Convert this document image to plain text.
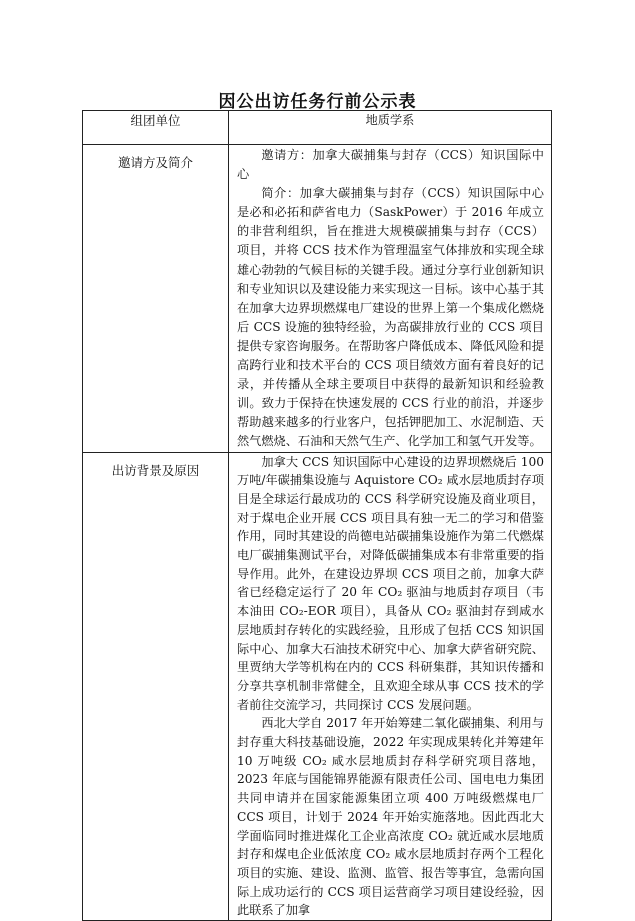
因公出访任务行前公示表
组团单位	地质学系

邀请方及简介	邀请方：加拿大碳捕集与封存（CCS）知识国际中心

简介：加拿大碳捕集与封存（CCS）知识国际中心是必和必拓和萨省电力（SaskPower）于 2016 年成立的非营利组织，旨在推进大规模碳捕集与封存（CCS）项目，并将 CCS 技术作为管理温室气体排放和实现全球雄心勃勃的气候目标的关键手段。通过分享行业创新知识和专业知识以及建设能力来实现这一目标。该中心基于其在加拿大边界坝燃煤电厂建设的世界上第一个集成化燃烧后 CCS 设施的独特经验，为高碳排放行业的 CCS 项目提供专家咨询服务。在帮助客户降低成本、降低风险和提高跨行业和技术平台的 CCS 项目绩效方面有着良好的记录，并传播从全球主要项目中获得的最新知识和经验教训。致力于保持在快速发展的 CCS 行业的前沿，并逐步帮助越来越多的行业客户，包括钾肥加工、水泥制造、天然气燃烧、石油和天然气生产、化学加工和氢气开发等。

出访背景及原因	加拿大 CCS 知识国际中心建设的边界坝燃烧后 100 万吨/年碳捕集设施与 Aquistore CO₂ 咸水层地质封存项目是全球运行最成功的 CCS 科学研究设施及商业项目，对于煤电企业开展 CCS 项目具有独一无二的学习和借鉴作用，同时其建设的尚德电站碳捕集设施作为第二代燃煤电厂碳捕集测试平台，对降低碳捕集成本有非常重要的指导作用。此外，在建设边界坝 CCS 项目之前，加拿大萨省已经稳定运行了 20 年 CO₂ 驱油与地质封存项目（韦本油田 CO₂-EOR 项目），具备从 CO₂ 驱油封存到咸水层地质封存转化的实践经验，且形成了包括 CCS 知识国际中心、加拿大石油技术研究中心、加拿大萨省研究院、里贾纳大学等机构在内的 CCS 科研集群，其知识传播和分享共享机制非常健全，且欢迎全球从事 CCS 技术的学者前往交流学习，共同探讨 CCS 发展问题。

西北大学自 2017 年开始筹建二氧化碳捕集、利用与封存重大科技基础设施，2022 年实现成果转化并筹建年 10 万吨级 CO₂ 咸水层地质封存科学研究项目落地，2023 年底与国能锦界能源有限责任公司、国电电力集团共同申请并在国家能源集团立项 400 万吨级燃煤电厂 CCS 项目，计划于 2024 年开始实施落地。因此西北大学面临同时推进煤化工企业高浓度 CO₂ 就近咸水层地质封存和煤电企业低浓度 CO₂ 咸水层地质封存两个工程化项目的实施、建设、监测、监管、报告等事宜，急需向国际上成功运行的 CCS 项目运营商学习项目建设经验，因此联系了加拿
